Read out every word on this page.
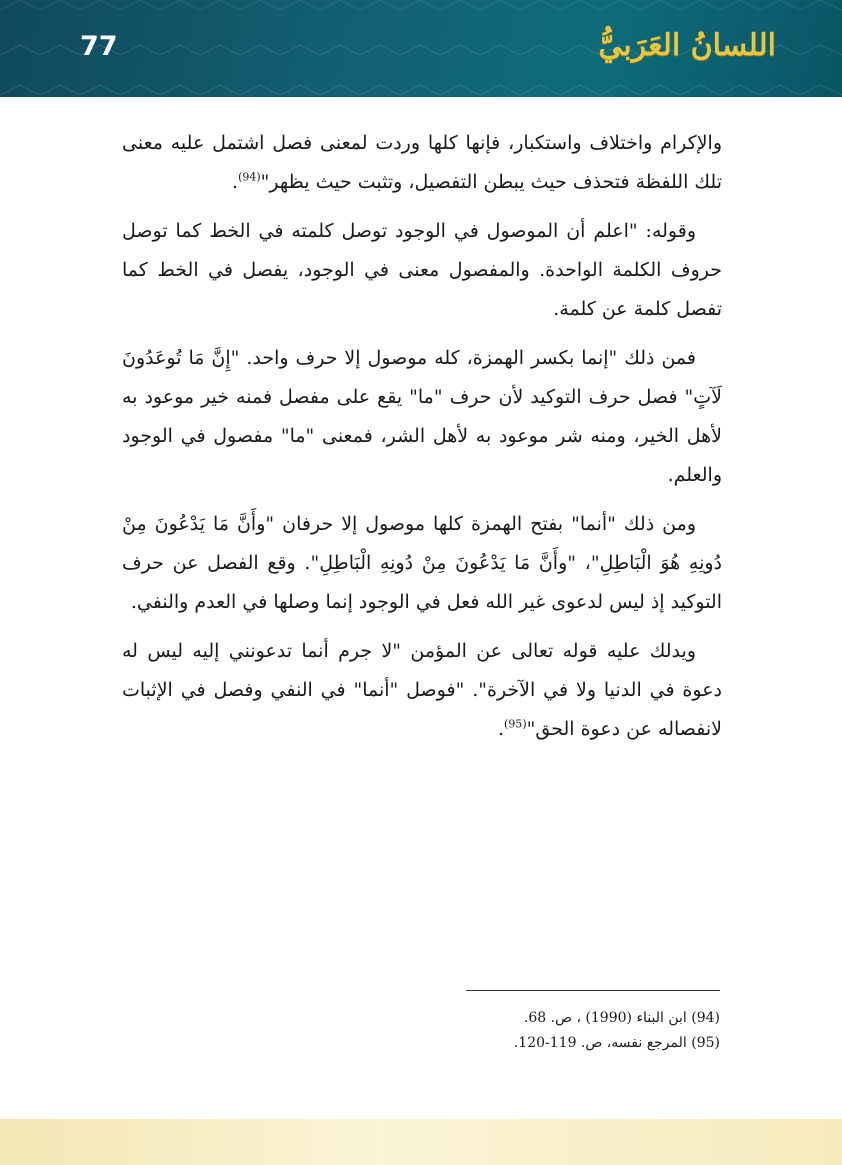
77	اللسانُ العَرَبيُّ

والإكرام واختلاف واستكبار، فإنها كلها وردت لمعنى فصل اشتمل عليه معنى تلك اللفظة فتحذف حيث يبطن التفصيل، وتثبت حيث يظهر"$^{(94)}$.

وقوله: "اعلم أن الموصول في الوجود توصل كلمته في الخط كما توصل حروف الكلمة الواحدة. والمفصول معنى في الوجود، يفصل في الخط كما تفصل كلمة عن كلمة.

فمن ذلك "إنما بكسر الهمزة، كله موصول إلا حرف واحد. "إِنَّ مَا تُوعَدُونَ لَآتٍ" فصل حرف التوكيد لأن حرف "ما" يقع على مفصل فمنه خير موعود به لأهل الخير، ومنه شر موعود به لأهل الشر، فمعنى "ما" مفصول في الوجود والعلم.

ومن ذلك "أنما" بفتح الهمزة كلها موصول إلا حرفان "وأَنَّ مَا يَدْعُونَ مِنْ دُونِهِ هُوَ الْبَاطِلِ"، "وأَنَّ مَا يَدْعُونَ مِنْ دُونِهِ الْبَاطِلِ". وقع الفصل عن حرف التوكيد إذ ليس لدعوى غير الله فعل في الوجود إنما وصلها في العدم والنفي.

ويدلك عليه قوله تعالى عن المؤمن "لا جرم أنما تدعونني إليه ليس له دعوة في الدنيا ولا في الآخرة". "فوصل "أنما" في النفي وفصل في الإثبات لانفصاله عن دعوة الحق"$^{(95)}$.

(94) ابن البناء (1990) ، ص. 68.

(95) المرجع نفسه، ص. 119-120.
